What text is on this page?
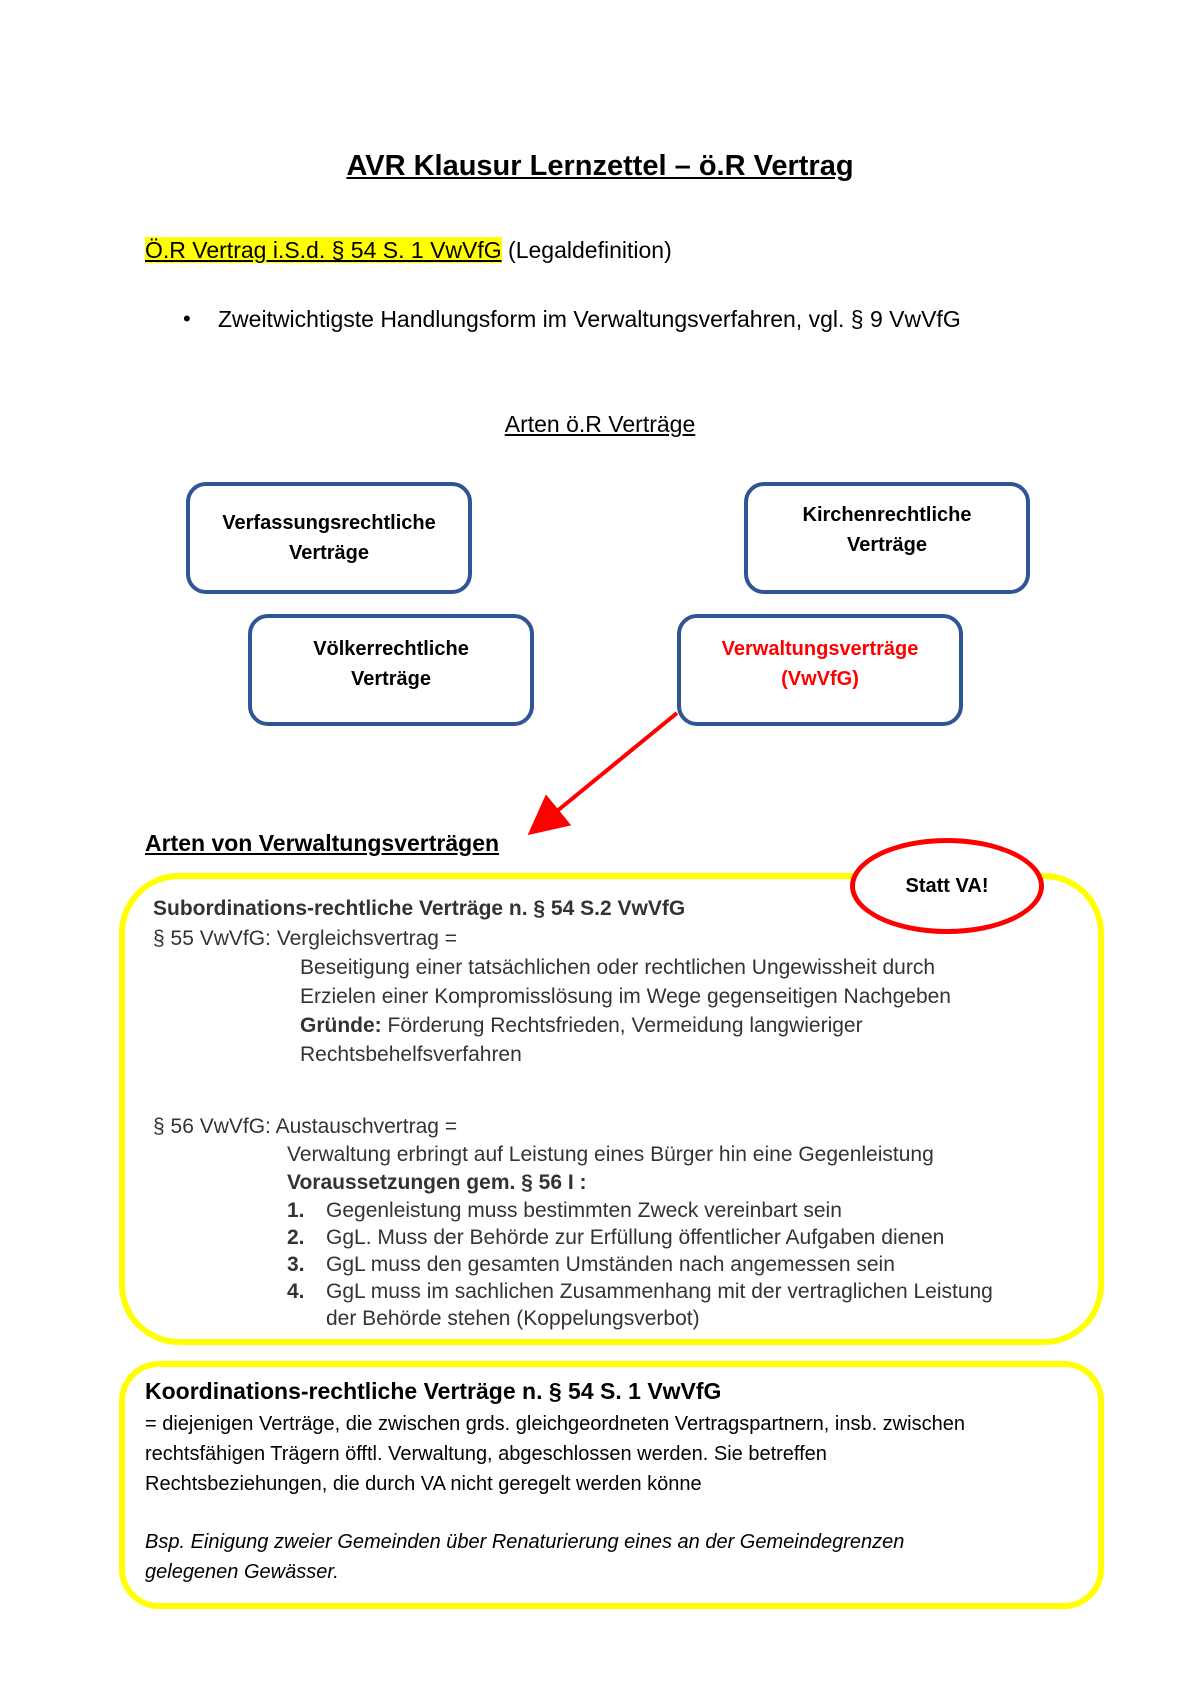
AVR Klausur Lernzettel – ö.R Vertrag
Ö.R Vertrag i.S.d. § 54 S. 1 VwVfG (Legaldefinition)
• Zweitwichtigste Handlungsform im Verwaltungsverfahren, vgl. § 9 VwVfG
Arten ö.R Verträge
Verfassungsrechtliche
Verträge
Kirchenrechtliche
Verträge
Völkerrechtliche
Verträge
Verwaltungsverträge
(VwVfG)
Arten von Verwaltungsverträgen
Statt VA!
Subordinations-rechtliche Verträge n. § 54 S.2 VwVfG
§ 55 VwVfG: Vergleichsvertrag =
Beseitigung einer tatsächlichen oder rechtlichen Ungewissheit durch
Erzielen einer Kompromisslösung im Wege gegenseitigen Nachgeben
Gründe: Förderung Rechtsfrieden, Vermeidung langwieriger
Rechtsbehelfsverfahren
§ 56 VwVfG: Austauschvertrag =
Verwaltung erbringt auf Leistung eines Bürger hin eine Gegenleistung
Voraussetzungen gem. § 56 I :
1. Gegenleistung muss bestimmten Zweck vereinbart sein
2. GgL. Muss der Behörde zur Erfüllung öffentlicher Aufgaben dienen
3. GgL muss den gesamten Umständen nach angemessen sein
4. GgL muss im sachlichen Zusammenhang mit der vertraglichen Leistung
der Behörde stehen (Koppelungsverbot)
Koordinations-rechtliche Verträge n. § 54 S. 1 VwVfG
= diejenigen Verträge, die zwischen grds. gleichgeordneten Vertragspartnern, insb. zwischen
rechtsfähigen Trägern öfftl. Verwaltung, abgeschlossen werden. Sie betreffen
Rechtsbeziehungen, die durch VA nicht geregelt werden könne
Bsp. Einigung zweier Gemeinden über Renaturierung eines an der Gemeindegrenzen
gelegenen Gewässer.
